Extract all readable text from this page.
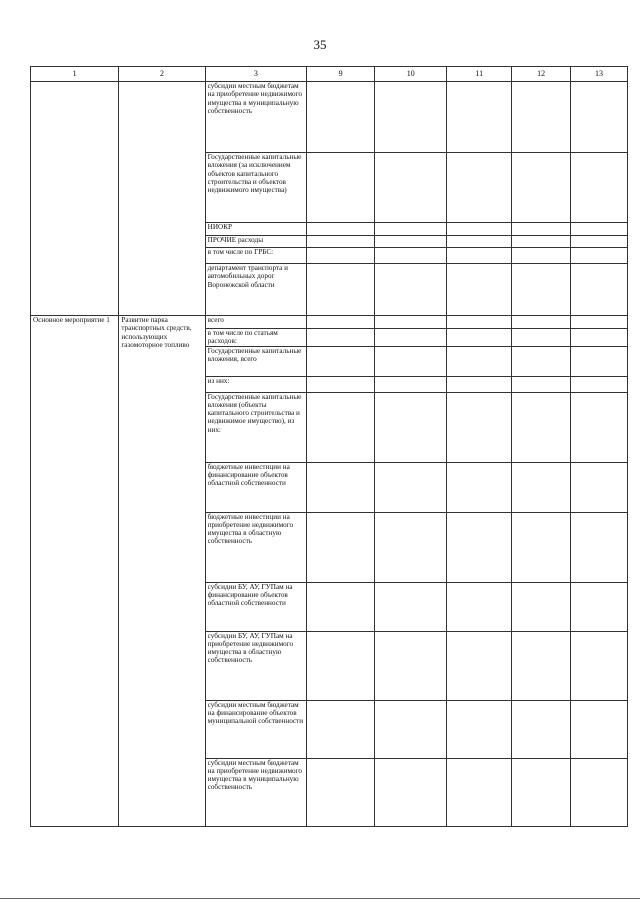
35
1	2	3	9	10	11	12	13
		субсидии местным бюджетам на приобретение недвижимого имущества в муниципальную собственность					
		Государственные капитальные вложения (за исключением объектов капитального строительства и объектов недвижимого имущества)					
		НИОКР					
		ПРОЧИЕ расходы					
		в том числе по ГРБС:					
		департамент транспорта и автомобильных дорог Воронежской области					
Основное мероприятие 1	Развитие парка транспортных средств, использующих газомоторное топливо	всего					
		в том числе по статьям расходов:					
		Государственные капитальные вложения, всего					
		из них:					
		Государственные капитальные вложения (объекты капитального строительства и недвижимое имущество), из них:					
		бюджетные инвестиции на финансирование объектов областной собственности					
		бюджетные инвестиции на приобретение недвижимого имущества в областную собственность					
		субсидии БУ, АУ, ГУПам на финансирование объектов областной собственности					
		субсидии БУ, АУ, ГУПам на приобретение недвижимого имущества в областную собственность					
		субсидии местным бюджетам на финансирование объектов муниципальной собственности					
		субсидии местным бюджетам на приобретение недвижимого имущества в муниципальную собственность					
